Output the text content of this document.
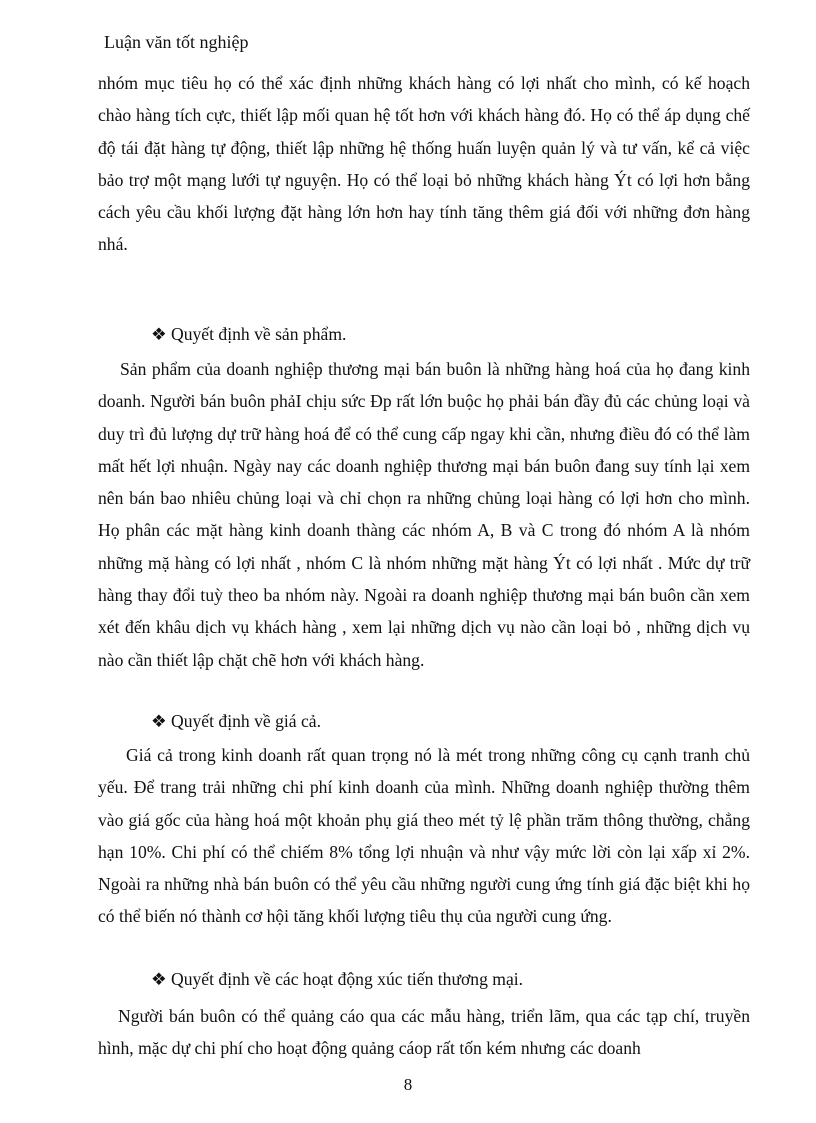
Luận văn tốt nghiệp

nhóm mục tiêu họ có thể xác định những khách hàng có lợi nhất cho mình, có kế hoạch chào hàng tích cực, thiết lập mối quan hệ tốt hơn với khách hàng đó. Họ có thể áp dụng chế độ tái đặt hàng tự động, thiết lập những hệ thống huấn luyện quản lý và tư vấn, kể cả việc bảo trợ một mạng lưới tự nguyện. Họ có thể loại bỏ những khách hàng Ýt có lợi hơn bằng cách yêu cầu khối lượng đặt hàng lớn hơn hay tính tăng thêm giá đối với những đơn hàng nhá.

❖ Quyết định về sản phẩm.

Sản phẩm của doanh nghiệp thương mại bán buôn là những hàng hoá của họ đang kinh doanh. Người bán buôn phảI chịu sức Ðp rất lớn buộc họ phải bán đầy đủ các chủng loại và duy trì đủ lượng dự trữ hàng hoá để có thể cung cấp ngay khi cần, nhưng điều đó có thể làm mất hết lợi nhuận. Ngày nay các doanh nghiệp thương mại bán buôn đang suy tính lại xem nên bán bao nhiêu chủng loại và chỉ chọn ra những chủng loại hàng có lợi hơn cho mình. Họ phân các mặt hàng kinh doanh thàng các nhóm A, B và C trong đó nhóm A là nhóm những mặ hàng có lợi nhất , nhóm C là nhóm những mặt hàng Ýt có lợi nhất . Mức dự trữ hàng thay đổi tuỳ theo ba nhóm này. Ngoài ra doanh nghiệp thương mại bán buôn cần xem xét đến khâu dịch vụ khách hàng , xem lại những dịch vụ nào cần loại bỏ , những dịch vụ nào cần thiết lập chặt chẽ hơn với khách hàng.

❖ Quyết định về giá cả.

Giá cả trong kinh doanh rất quan trọng nó là mét trong những công cụ cạnh tranh chủ yếu. Để trang trải những chi phí kinh doanh của mình. Những doanh nghiệp thường thêm vào giá gốc của hàng hoá một khoản phụ giá theo mét tỷ lệ phần trăm thông thường, chẳng hạn 10%. Chi phí có thể chiếm 8% tổng lợi nhuận và như vậy mức lời còn lại xấp xỉ 2%. Ngoài ra những nhà bán buôn có thể yêu cầu những người cung ứng tính giá đặc biệt khi họ có thể biến nó thành cơ hội tăng khối lượng tiêu thụ của người cung ứng.

❖ Quyết định về các hoạt động xúc tiến thương mại.

Người bán buôn có thể quảng cáo qua các mẫu hàng, triển lãm, qua các tạp chí, truyền hình, mặc dự chi phí cho hoạt động quảng cáop rất tốn kém nhưng các doanh

8
